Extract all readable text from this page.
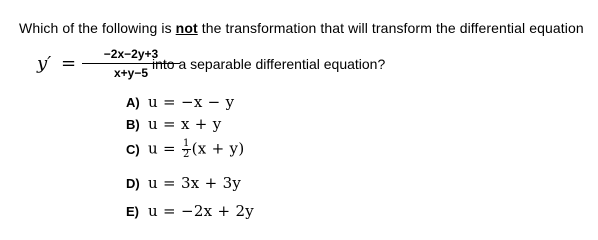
Which of the following is not the transformation that will transform the differential equation
$y' = \frac{-2x-2y+3}{x+y-5}$
into a separable differential equation?
A) u = −x − y
B) u = x + y
C) $u = \frac{1}{2} (x + y)$
D) u = 3x + 3y
E) u = −2x + 2y
